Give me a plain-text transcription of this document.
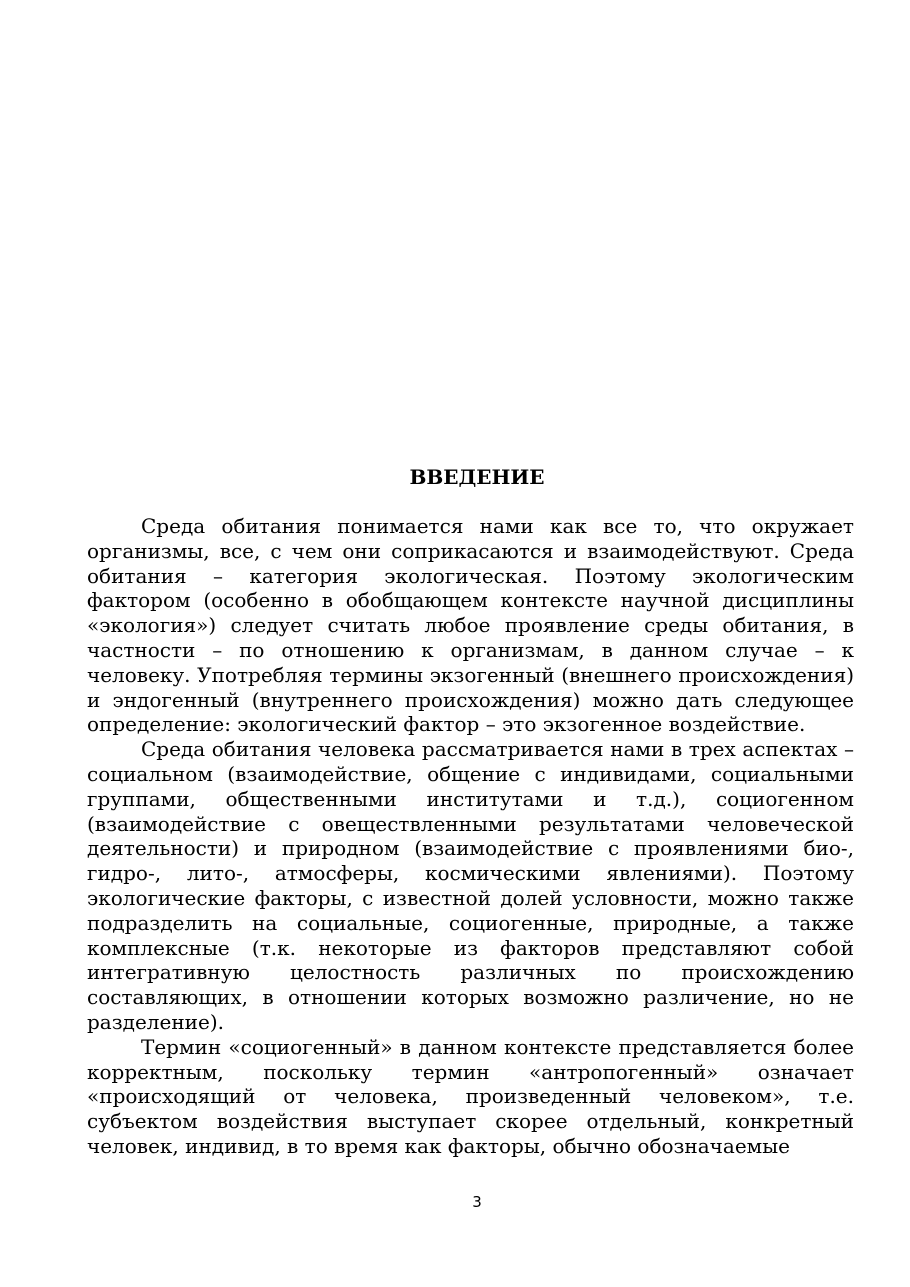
ВВЕДЕНИЕ

Среда обитания понимается нами как все то, что окружает организмы, все, с чем они соприкасаются и взаимодействуют. Среда обитания – категория экологическая. Поэтому экологическим фактором (особенно в обобщающем контексте научной дисциплины «экология») следует считать любое проявление среды обитания, в частности – по отношению к организмам, в данном случае – к человеку. Употребляя термины экзогенный (внешнего происхождения) и эндогенный (внутреннего происхождения) можно дать следующее определение: экологический фактор – это экзогенное воздействие.

Среда обитания человека рассматривается нами в трех аспектах – социальном (взаимодействие, общение с индивидами, социальными группами, общественными институтами и т.д.), социогенном (взаимодействие с овеществленными результатами человеческой деятельности) и природном (взаимодействие с проявлениями био-, гидро-, лито-, атмосферы, космическими явлениями). Поэтому экологические факторы, с известной долей условности, можно также подразделить на социальные, социогенные, природные, а также комплексные (т.к. некоторые из факторов представляют собой интегративную целостность различных по происхождению составляющих, в отношении которых возможно различение, но не разделение).

Термин «социогенный» в данном контексте представляется более корректным, поскольку термин «антропогенный» означает «происходящий от человека, произведенный человеком», т.е. субъектом воздействия выступает скорее отдельный, конкретный человек, индивид, в то время как факторы, обычно обозначаемые

3
